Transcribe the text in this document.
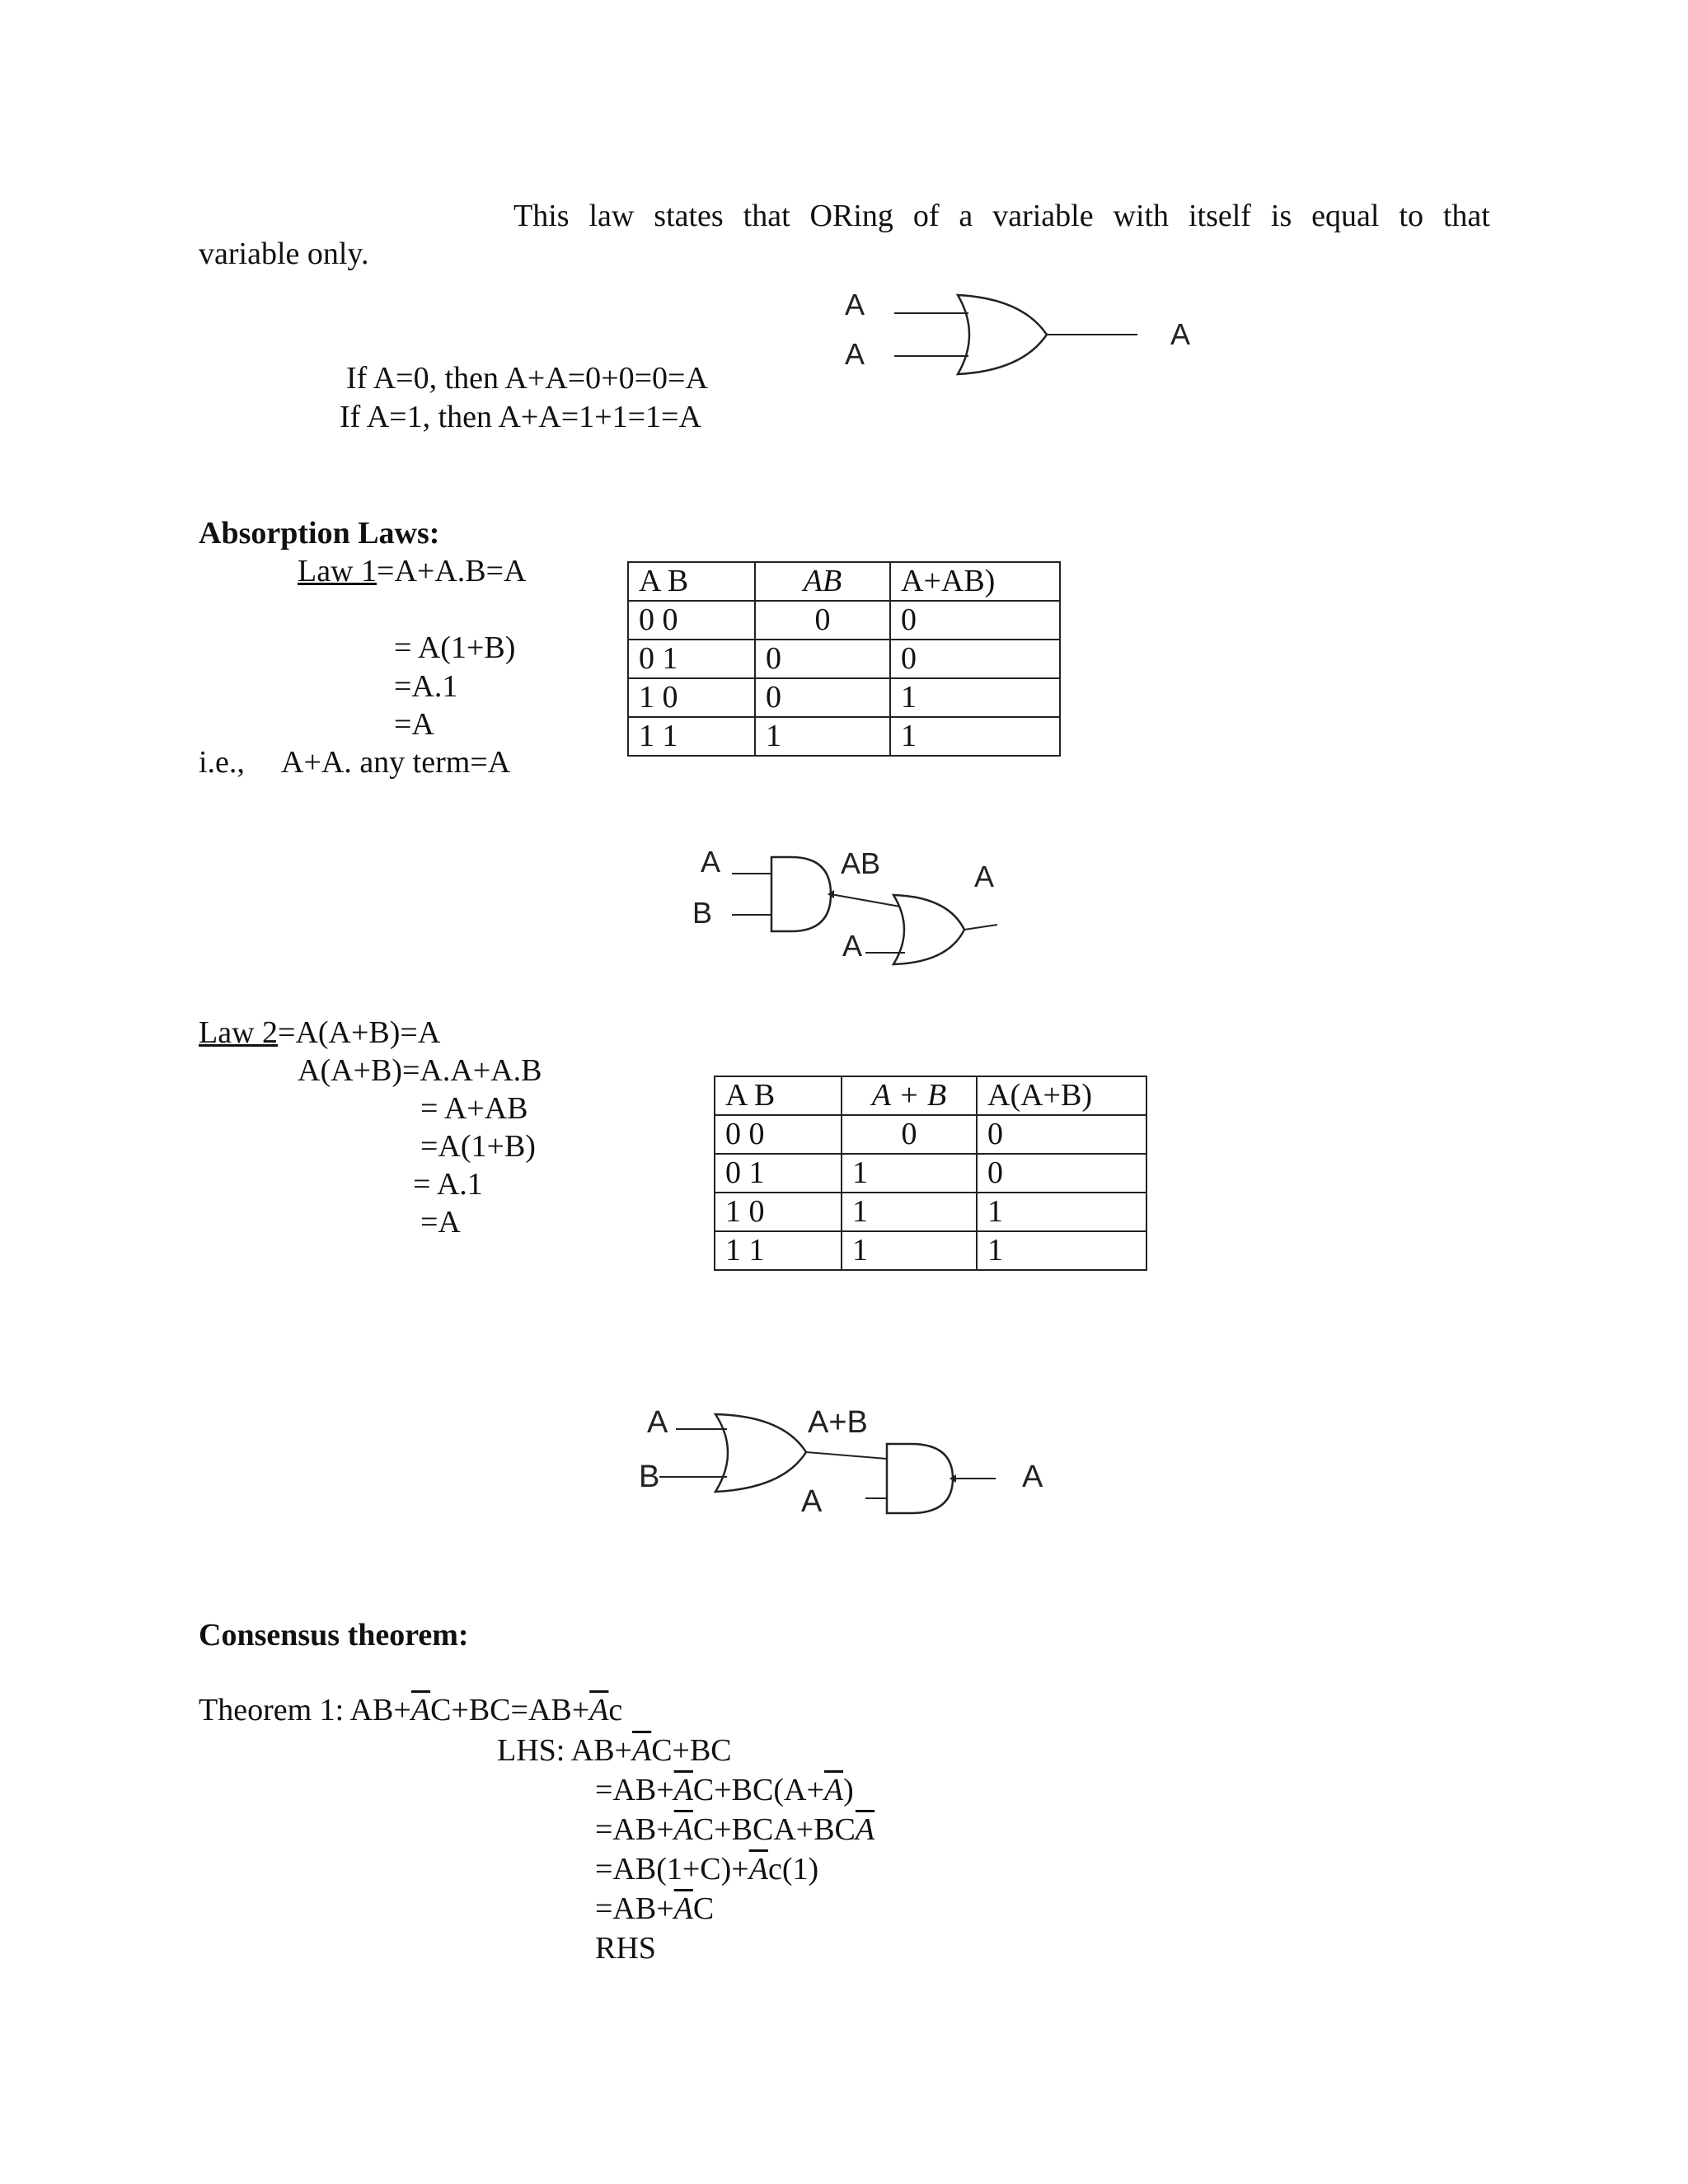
This law states that ORing of a variable with itself is equal to that
variable only.
If A=0, then A+A=0+0=0=A
If A=1, then A+A=1+1=1=A
A
A
A
Absorption Laws:
Law 1=A+A.B=A
= A(1+B)
=A.1
=A
i.e., A+A. any term=A
A B	AB	A+AB)
0 0	0	0
0 1	0	0
1 0	0	1
1 1	1	1
A
B
AB
A
A
Law 2=A(A+B)=A
A(A+B)=A.A+A.B
= A+AB
=A(1+B)
= A.1
=A
A B	A + B	A(A+B)
0 0	0	0
0 1	1	0
1 0	1	1
1 1	1	1
A
B
A+B
A
A
Consensus theorem:
Theorem 1: $AB+\overline{A}C+BC=AB+\overline{A}c$
LHS: $AB+\overline{A}C+BC$
$=AB+\overline{A}C+BC(A+\overline{A})$
$=AB+\overline{A}C+BCA+BC\overline{A}$
$=AB(1+C)+\overline{A}c(1)$
$=AB+\overline{A}C$
RHS
